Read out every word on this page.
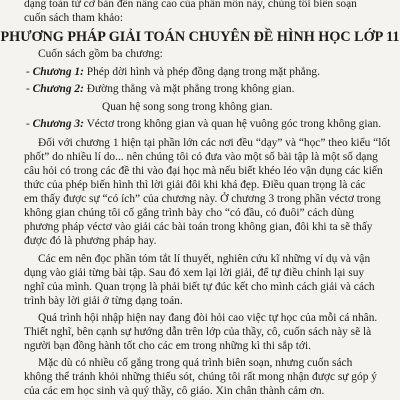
dạng toán từ cơ bản đến nâng cao của phần môn này, chúng tôi biên soạn
cuốn sách tham khảo:
PHƯƠNG PHÁP GIẢI TOÁN CHUYÊN ĐỀ HÌNH HỌC LỚP 11
Cuốn sách gồm ba chương:
- Chương 1: Phép dời hình và phép đồng dạng trong mặt phẳng.
- Chương 2: Đường thẳng và mặt phẳng trong không gian.
Quan hệ song song trong không gian.
- Chương 3: Véctơ trong không gian và quan hệ vuông góc trong không gian.
Đối với chương 1 hiện tại phần lớn các nơi đều “dạy” và “học” theo kiểu “lốt
phốt” do nhiều lí do... nên chúng tôi có đưa vào một số bài tập là một số dạng
câu hỏi có trong các đề thi vào đại học mà nếu biết khéo léo vận dụng các kiến
thức của phép biến hình thì lời giải đôi khi khá đẹp. Điều quan trọng là các
em thấy được sự “có ích” của chương này. Ở chương 3 trong phần véctơ trong
không gian chúng tôi cố gắng trình bày cho “có đầu, có đuôi” cách dùng
phương pháp véctơ vào giải các bài toán trong không gian, đôi khi ta sẽ thấy
được đó là phương pháp hay.
Các em nên đọc phần tóm tắt lí thuyết, nghiên cứu kĩ những ví dụ và vận
dụng vào giải từng bài tập. Sau đó xem lại lời giải, để tự điều chỉnh lại suy
nghĩ của mình. Quan trọng là phải biết tự đúc kết cho mình cách giải và cách
trình bày lời giải ở từng dạng toán.
Quá trình hội nhập hiện nay đang đòi hỏi cao việc tự học của mỗi cá nhân.
Thiết nghĩ, bên cạnh sự hướng dẫn trên lớp của thầy, cô, cuốn sách này sẽ là
người bạn đồng hành tốt cho các em trong những kì thi sắp tới.
Mặc dù có nhiều cố gắng trong quá trình biên soạn, nhưng cuốn sách
không thể tránh khỏi những thiếu sót, chúng tôi rất mong nhận được sự góp ý
của các em học sinh và quý thầy, cô giáo. Xin chân thành cảm ơn.
